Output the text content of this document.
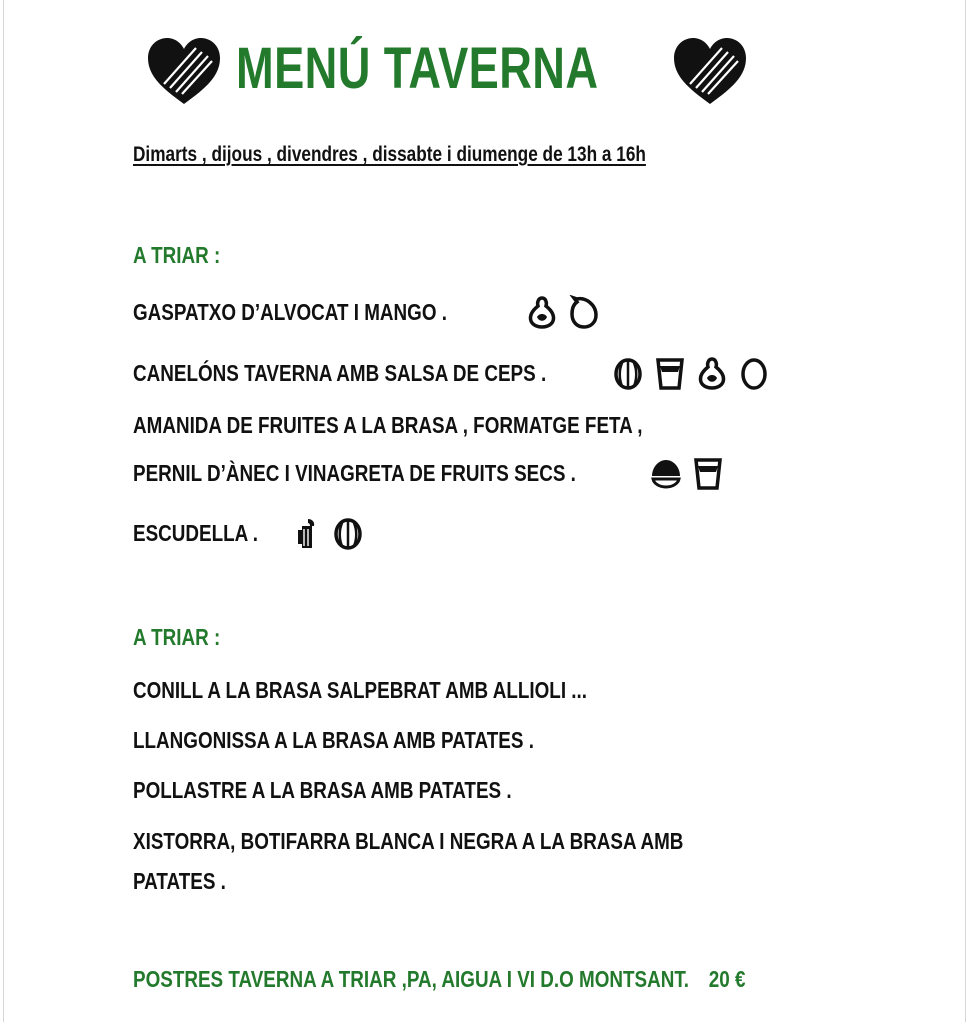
MENÚ TAVERNA
Dimarts , dijous , divendres , dissabte i diumenge de 13h a 16h
A TRIAR :
GASPATXO D’ALVOCAT I MANGO .
CANELÓNS TAVERNA AMB SALSA DE CEPS .
AMANIDA DE FRUITES A LA BRASA , FORMATGE FETA ,
PERNIL D’ÀNEC I VINAGRETA DE FRUITS SECS .
ESCUDELLA .
A TRIAR :
CONILL A LA BRASA SALPEBRAT AMB ALLIOLI ...
LLANGONISSA A LA BRASA AMB PATATES .
POLLASTRE A LA BRASA AMB PATATES .
XISTORRA, BOTIFARRA BLANCA I NEGRA A LA BRASA AMB
PATATES .
POSTRES TAVERNA A TRIAR ,PA, AIGUA I VI D.O MONTSANT. 20 €
